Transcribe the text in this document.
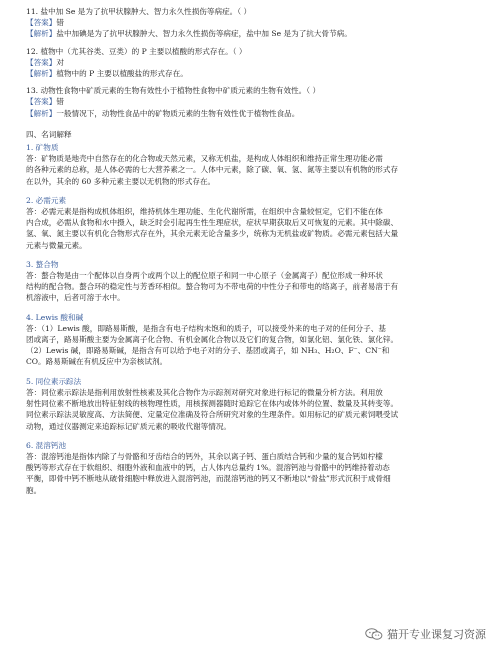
11. 盐中加 Se 是为了抗甲状腺肿大、智力永久性损伤等病症。（ ）

【答案】错

【解析】盐中加碘是为了抗甲状腺肿大、智力永久性损伤等病症，盐中加 Se 是为了抗大骨节病。

12. 植物中（尤其谷类、豆类）的 P 主要以植酸的形式存在。（ ）

【答案】对

【解析】植物中的 P 主要以植酸盐的形式存在。

13. 动物性食物中矿质元素的生物有效性小于植物性食物中矿质元素的生物有效性。（ ）

【答案】错

【解析】一般情况下，动物性食品中的矿物质元素的生物有效性优于植物性食品。

四、名词解释

1. 矿物质

答：矿物质是地壳中自然存在的化合物或天然元素，又称无机盐，是构成人体组织和维持正常生理功能必需

的各种元素的总称，是人体必需的七大营养素之一。人体中元素，除了碳、氧、氢、氮等主要以有机物的形式存

在以外，其余的 60 多种元素主要以无机物的形式存在。

2. 必需元素

答：必需元素是指构成机体组织，维持机体生理功能、生化代谢所需，在组织中含量较恒定，它们不能在体

内合成，必需从食物和水中摄入，缺乏时会引起再生性生理症状，症状早期获取后又可恢复的元素。其中除碳、

氢、氧、氮主要以有机化合物形式存在外，其余元素无论含量多少，统称为无机盐或矿物质。必需元素包括大量

元素与微量元素。

3. 螯合物

答：螯合物是由一个配体以自身两个或两个以上的配位原子和同一中心原子（金属离子）配位形成一种环状

结构的配合物。螯合环的稳定性与芳香环相似。螯合物可为不带电荷的中性分子和带电的络离子，前者易溶于有

机溶液中，后者可溶于水中。

4. Lewis 酸和碱

答：（1）Lewis 酸，即路易斯酸，是指含有电子结构未饱和的质子，可以接受外来的电子对的任何分子、基

团或离子，路易斯酸主要为金属离子化合物、有机金属化合物以及它们的复合物，如氯化铝、氯化铁、氯化锌。

（2）Lewis 碱，即路易斯碱，是指含有可以给予电子对的分子、基团或离子，如 NH₃、H₂O、F⁻、CN⁻和

CO。路易斯碱在有机反应中为亲核试剂。

5. 同位素示踪法

答：同位素示踪法是指利用放射性核素及其化合物作为示踪剂对研究对象进行标记的微量分析方法。利用放

射性同位素不断地放出特征射线的核物理性质，用核探测器随时追踪它在体内或体外的位置、数量及其转变等。

同位素示踪法灵敏度高、方法简便、定量定位准确及符合所研究对象的生理条件。如用标记的矿质元素饲喂受试

动物，通过仪器测定来追踪标记矿质元素的吸收代谢等情况。

6. 混溶钙池

答：混溶钙池是指体内除了与骨骼和牙齿结合的钙外，其余以离子钙、蛋白质结合钙和少量的复合钙如柠檬

酸钙等形式存在于软组织、细胞外液和血液中的钙，占人体内总量约 1%。混溶钙池与骨骼中的钙维持着动态

平衡，即骨中钙不断地从破骨细胞中释放进入混溶钙池，而混溶钙池的钙又不断地以“骨盐”形式沉积于成骨细

胞。

猫开专业课复习资源
